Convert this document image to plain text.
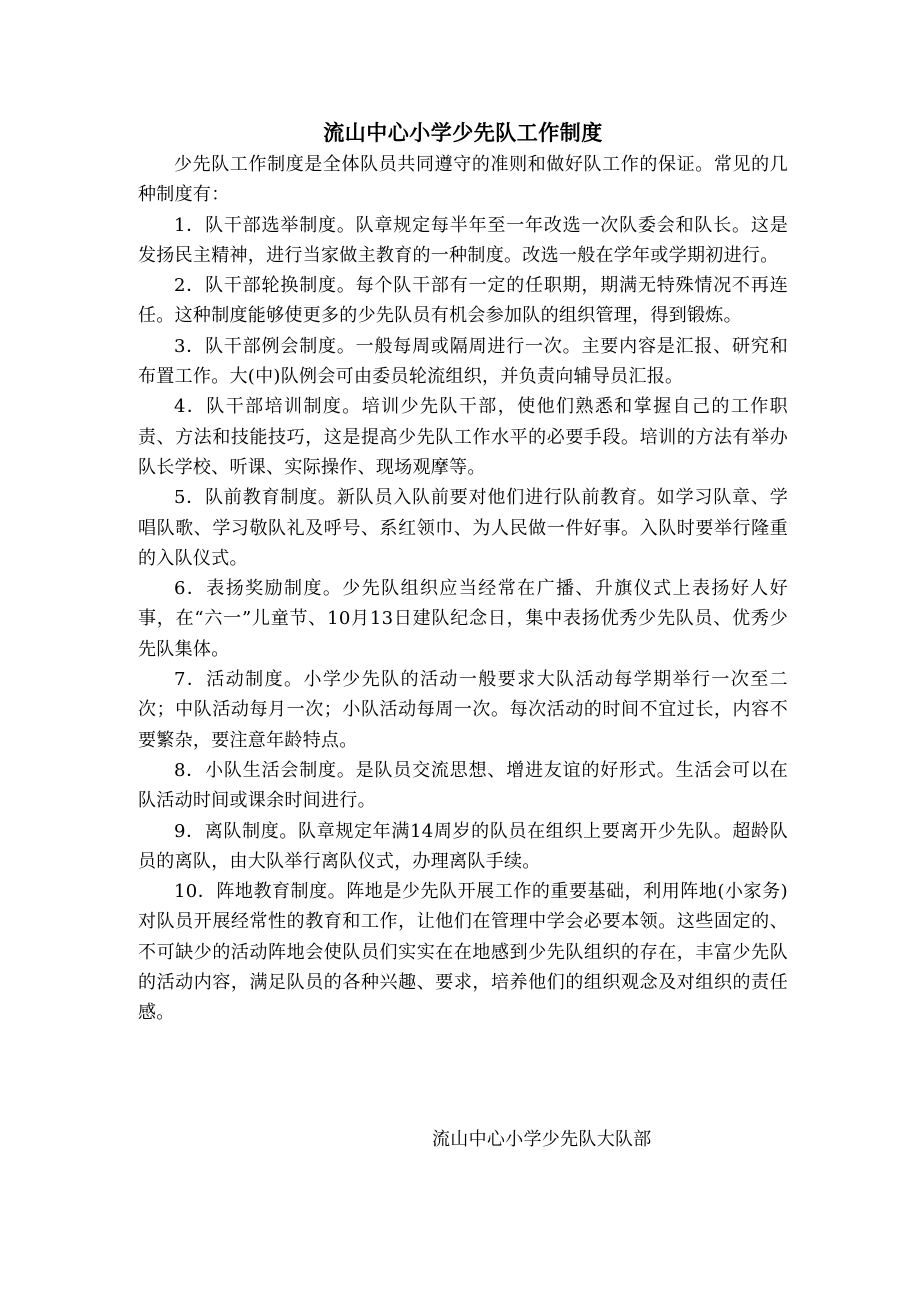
流山中心小学少先队工作制度

少先队工作制度是全体队员共同遵守的准则和做好队工作的保证。常见的几种制度有：

1．队干部选举制度。队章规定每半年至一年改选一次队委会和队长。这是发扬民主精神，进行当家做主教育的一种制度。改选一般在学年或学期初进行。

2．队干部轮换制度。每个队干部有一定的任职期，期满无特殊情况不再连任。这种制度能够使更多的少先队员有机会参加队的组织管理，得到锻炼。

3．队干部例会制度。一般每周或隔周进行一次。主要内容是汇报、研究和布置工作。大(中)队例会可由委员轮流组织，并负责向辅导员汇报。

4．队干部培训制度。培训少先队干部，使他们熟悉和掌握自己的工作职责、方法和技能技巧，这是提高少先队工作水平的必要手段。培训的方法有举办队长学校、听课、实际操作、现场观摩等。

5．队前教育制度。新队员入队前要对他们进行队前教育。如学习队章、学唱队歌、学习敬队礼及呼号、系红领巾、为人民做一件好事。入队时要举行隆重的入队仪式。

6．表扬奖励制度。少先队组织应当经常在广播、升旗仪式上表扬好人好事，在“六一”儿童节、10月13日建队纪念日，集中表扬优秀少先队员、优秀少先队集体。

7．活动制度。小学少先队的活动一般要求大队活动每学期举行一次至二次；中队活动每月一次；小队活动每周一次。每次活动的时间不宜过长，内容不要繁杂，要注意年龄特点。

8．小队生活会制度。是队员交流思想、增进友谊的好形式。生活会可以在队活动时间或课余时间进行。

9．离队制度。队章规定年满14周岁的队员在组织上要离开少先队。超龄队员的离队，由大队举行离队仪式，办理离队手续。

10．阵地教育制度。阵地是少先队开展工作的重要基础，利用阵地(小家务)对队员开展经常性的教育和工作，让他们在管理中学会必要本领。这些固定的、不可缺少的活动阵地会使队员们实实在在地感到少先队组织的存在，丰富少先队的活动内容，满足队员的各种兴趣、要求，培养他们的组织观念及对组织的责任感。

流山中心小学少先队大队部
